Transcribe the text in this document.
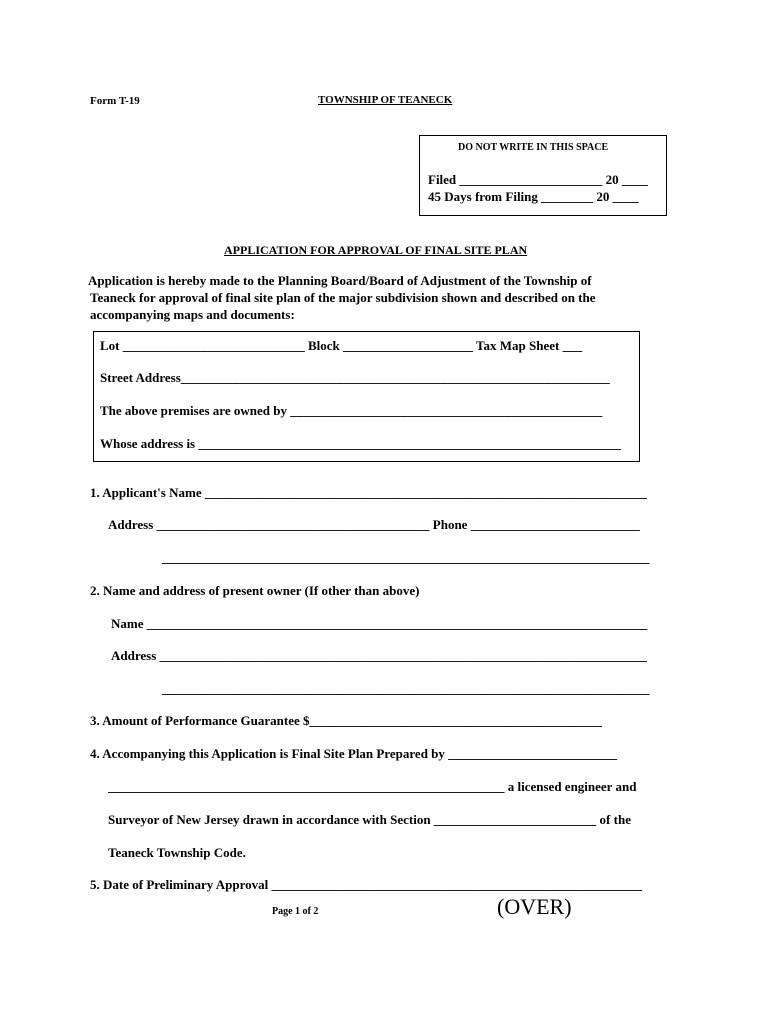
Form T-19	TOWNSHIP OF TEANECK
DO NOT WRITE IN THIS SPACE
Filed ______________________ 20 ____
45 Days from Filing ________ 20 ____
APPLICATION FOR APPROVAL OF FINAL SITE PLAN
Application is hereby made to the Planning Board/Board of Adjustment of the Township of
Teaneck for approval of final site plan of the major subdivision shown and described on the
accompanying maps and documents:
Lot ____________________________ Block ____________________ Tax Map Sheet ___
Street Address__________________________________________________________________
The above premises are owned by ________________________________________________
Whose address is _________________________________________________________________
1. Applicant's Name ____________________________________________________________________
Address __________________________________________ Phone __________________________
___________________________________________________________________________
2. Name and address of present owner (If other than above)
Name _____________________________________________________________________________
Address ___________________________________________________________________________
___________________________________________________________________________
3. Amount of Performance Guarantee $_____________________________________________
4. Accompanying this Application is Final Site Plan Prepared by __________________________
_____________________________________________________________ a licensed engineer and
Surveyor of New Jersey drawn in accordance with Section _________________________ of the
Teaneck Township Code.
5. Date of Preliminary Approval _________________________________________________________
Page 1 of 2	(OVER)
